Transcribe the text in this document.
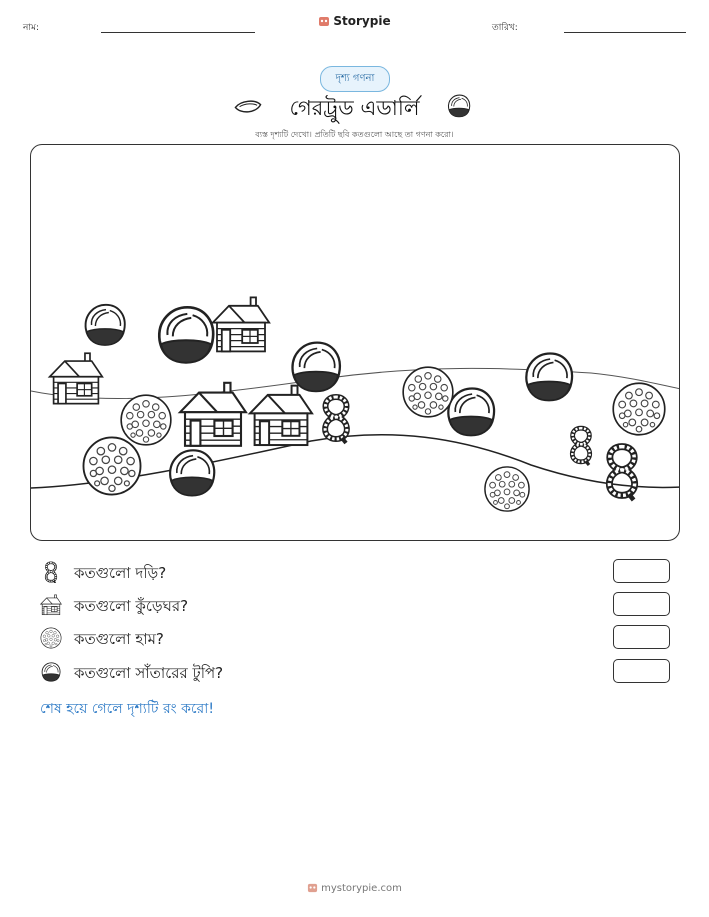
নাম:	Storypie	তারিখ:
দৃশ্য গণনা
গেরট্রুড এডার্লি
ব্যস্ত দৃশ্যটি দেখো। প্রতিটি ছবি কতগুলো আছে তা গণনা করো।
কতগুলো দড়ি?
কতগুলো কুঁড়েঘর?
কতগুলো হাম?
কতগুলো সাঁতারের টুপি?
শেষ হয়ে গেলে দৃশ্যটি রং করো!
mystorypie.com
